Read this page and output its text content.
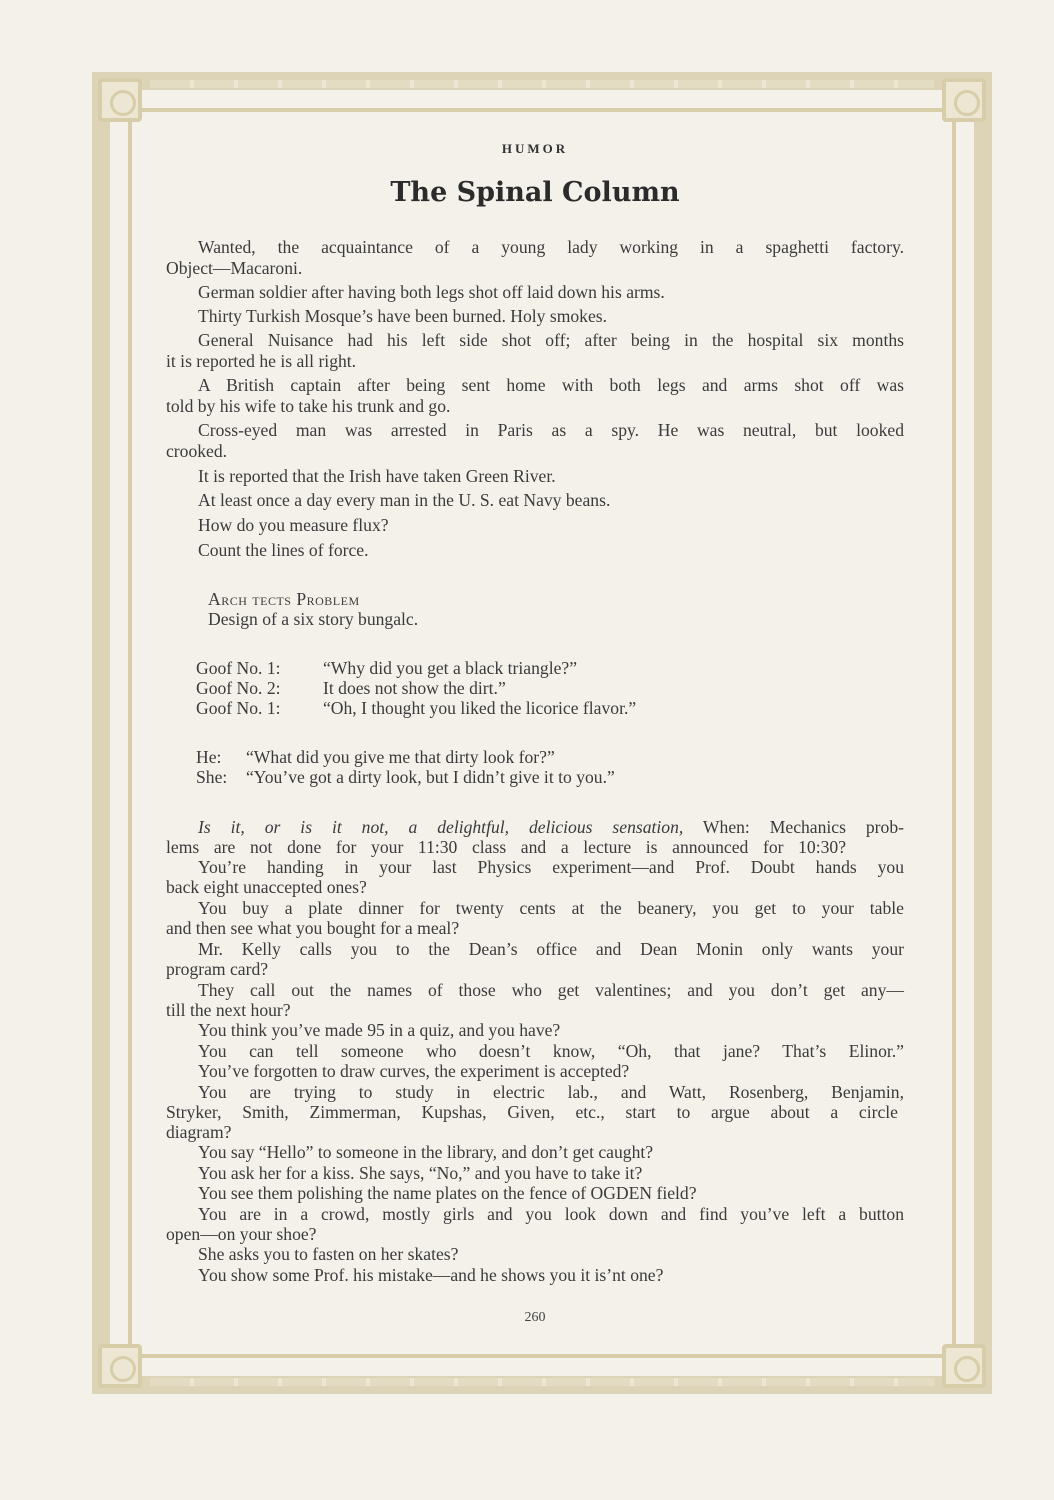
HUMOR
The Spinal Column
Wanted, the acquaintance of a young lady working in a spaghetti factory.
Object—Macaroni.
German soldier after having both legs shot off laid down his arms.
Thirty Turkish Mosque’s have been burned. Holy smokes.
General Nuisance had his left side shot off; after being in the hospital six months
it is reported he is all right.
A British captain after being sent home with both legs and arms shot off was
told by his wife to take his trunk and go.
Cross-eyed man was arrested in Paris as a spy. He was neutral, but looked
crooked.
It is reported that the Irish have taken Green River.
At least once a day every man in the U. S. eat Navy beans.
How do you measure flux?
Count the lines of force.
Arch tects Problem
Design of a six story bungalc.
Goof No. 1: “Why did you get a black triangle?”
Goof No. 2: It does not show the dirt.”
Goof No. 1: “Oh, I thought you liked the licorice flavor.”
He: “What did you give me that dirty look for?”
She: “You’ve got a dirty look, but I didn’t give it to you.”
Is it, or is it not, a delightful, delicious sensation, When: Mechanics prob-
lems are not done for your 11:30 class and a lecture is announced for 10:30?
You’re handing in your last Physics experiment—and Prof. Doubt hands you
back eight unaccepted ones?
You buy a plate dinner for twenty cents at the beanery, you get to your table
and then see what you bought for a meal?
Mr. Kelly calls you to the Dean’s office and Dean Monin only wants your
program card?
They call out the names of those who get valentines; and you don’t get any—
till the next hour?
You think you’ve made 95 in a quiz, and you have?
You can tell someone who doesn’t know, “Oh, that jane? That’s Elinor.”
You’ve forgotten to draw curves, the experiment is accepted?
You are trying to study in electric lab., and Watt, Rosenberg, Benjamin,
Stryker, Smith, Zimmerman, Kupshas, Given, etc., start to argue about a circle
diagram?
You say “Hello” to someone in the library, and don’t get caught?
You ask her for a kiss. She says, “No,” and you have to take it?
You see them polishing the name plates on the fence of OGDEN field?
You are in a crowd, mostly girls and you look down and find you’ve left a button
open—on your shoe?
She asks you to fasten on her skates?
You show some Prof. his mistake—and he shows you it is’nt one?
260
